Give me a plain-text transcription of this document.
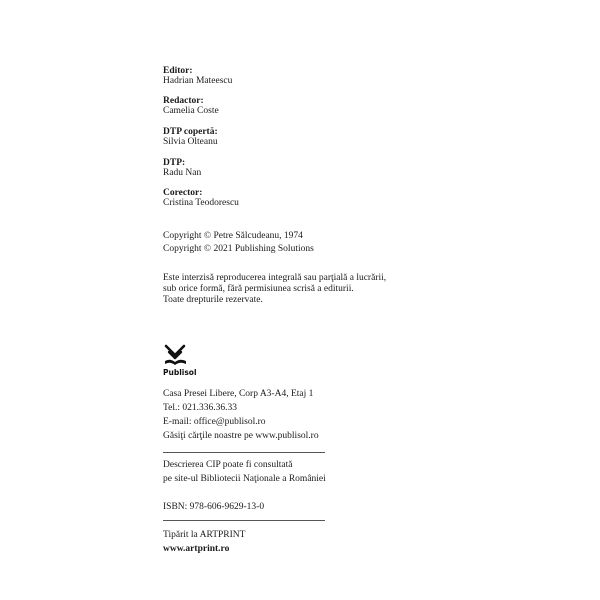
Editor:
Hadrian Mateescu
Redactor:
Camelia Coste
DTP copertă:
Silvia Olteanu
DTP:
Radu Nan
Corector:
Cristina Teodorescu
Copyright © Petre Sălcudeanu, 1974
Copyright © 2021 Publishing Solutions
Este interzisă reproducerea integrală sau parţială a lucrării,
sub orice formă, fără permisiunea scrisă a editurii.
Toate drepturile rezervate.
Publisol
Casa Presei Libere, Corp A3-A4, Etaj 1
Tel.: 021.336.36.33
E-mail: office@publisol.ro
Găsiţi cărţile noastre pe www.publisol.ro
Descrierea CIP poate fi consultată
pe site-ul Bibliotecii Naţionale a României
ISBN: 978-606-9629-13-0
Tipărit la ARTPRINT
www.artprint.ro
